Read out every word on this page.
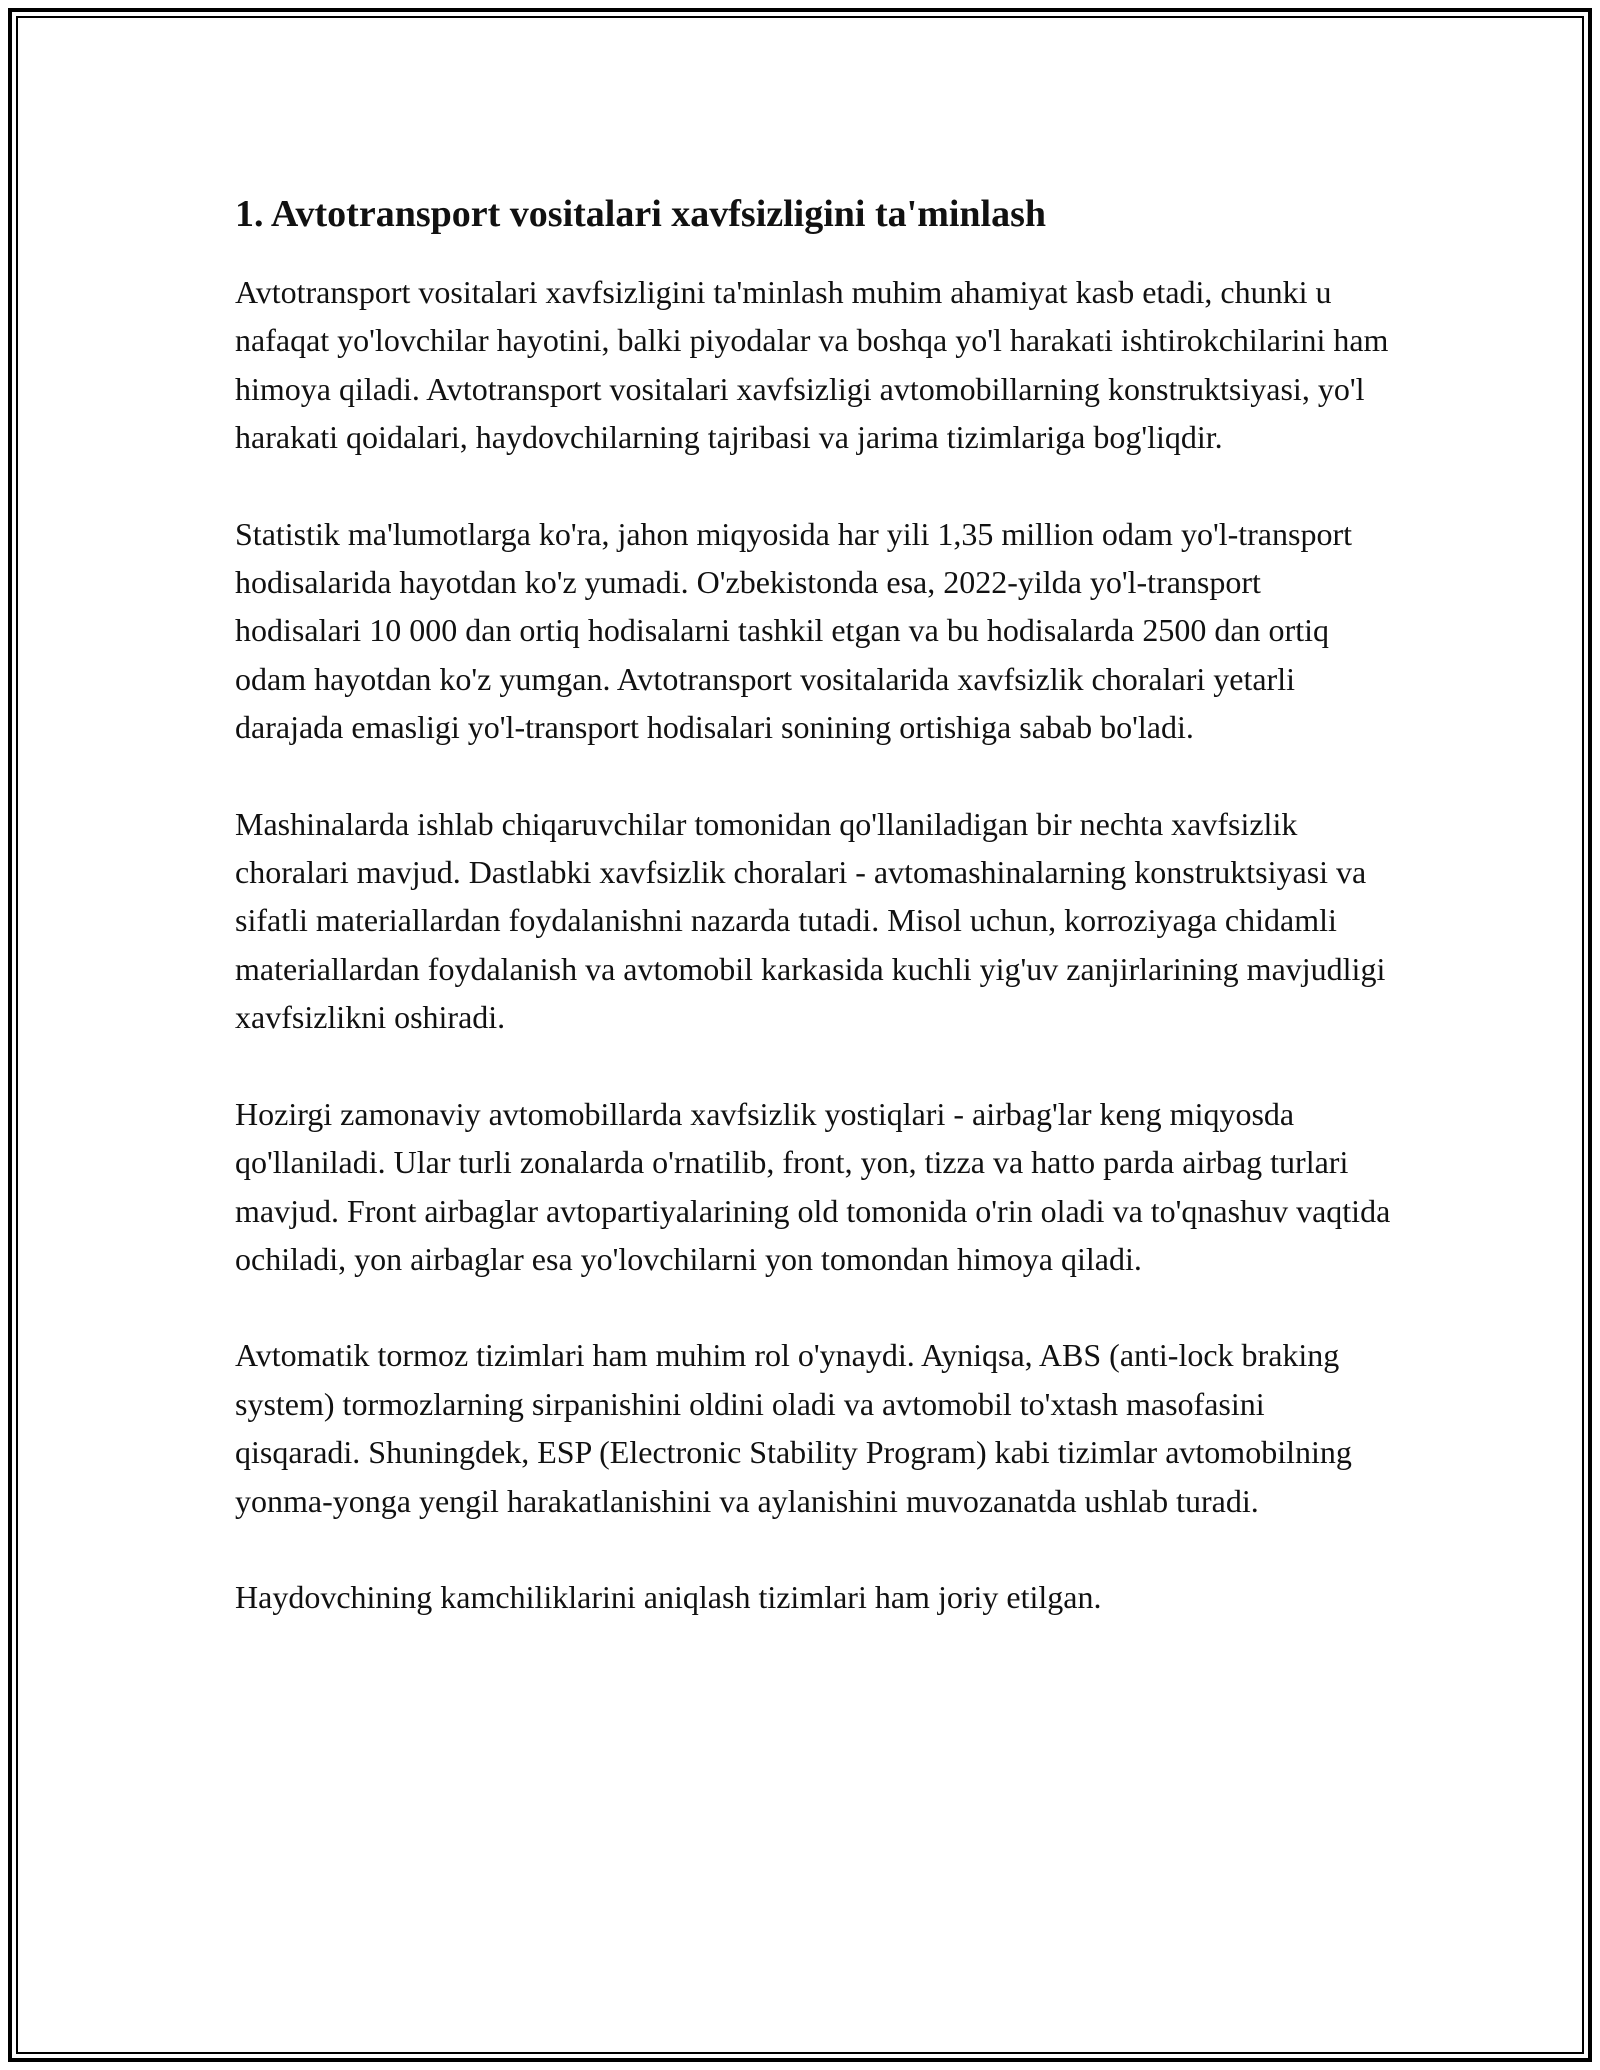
1. Avtotransport vositalari xavfsizligini ta'minlash

Avtotransport vositalari xavfsizligini ta'minlash muhim ahamiyat kasb etadi, chunki u nafaqat yo'lovchilar hayotini, balki piyodalar va boshqa yo'l harakati ishtirokchilarini ham himoya qiladi. Avtotransport vositalari xavfsizligi avtomobillarning konstruktsiyasi, yo'l harakati qoidalari, haydovchilarning tajribasi va jarima tizimlariga bog'liqdir.

Statistik ma'lumotlarga ko'ra, jahon miqyosida har yili 1,35 million odam yo'l-transport hodisalarida hayotdan ko'z yumadi. O'zbekistonda esa, 2022-yilda yo'l-transport hodisalari 10 000 dan ortiq hodisalarni tashkil etgan va bu hodisalarda 2500 dan ortiq odam hayotdan ko'z yumgan. Avtotransport vositalarida xavfsizlik choralari yetarli darajada emasligi yo'l-transport hodisalari sonining ortishiga sabab bo'ladi.

Mashinalarda ishlab chiqaruvchilar tomonidan qo'llaniladigan bir nechta xavfsizlik choralari mavjud. Dastlabki xavfsizlik choralari - avtomashinalarning konstruktsiyasi va sifatli materiallardan foydalanishni nazarda tutadi. Misol uchun, korroziyaga chidamli materiallardan foydalanish va avtomobil karkasida kuchli yig'uv zanjirlarining mavjudligi xavfsizlikni oshiradi.

Hozirgi zamonaviy avtomobillarda xavfsizlik yostiqlari - airbag'lar keng miqyosda qo'llaniladi. Ular turli zonalarda o'rnatilib, front, yon, tizza va hatto parda airbag turlari mavjud. Front airbaglar avtopartiyalarining old tomonida o'rin oladi va to'qnashuv vaqtida ochiladi, yon airbaglar esa yo'lovchilarni yon tomondan himoya qiladi.

Avtomatik tormoz tizimlari ham muhim rol o'ynaydi. Ayniqsa, ABS (anti-lock braking system) tormozlarning sirpanishini oldini oladi va avtomobil to'xtash masofasini qisqaradi. Shuningdek, ESP (Electronic Stability Program) kabi tizimlar avtomobilning yonma-yonga yengil harakatlanishini va aylanishini muvozanatda ushlab turadi.

Haydovchining kamchiliklarini aniqlash tizimlari ham joriy etilgan.
